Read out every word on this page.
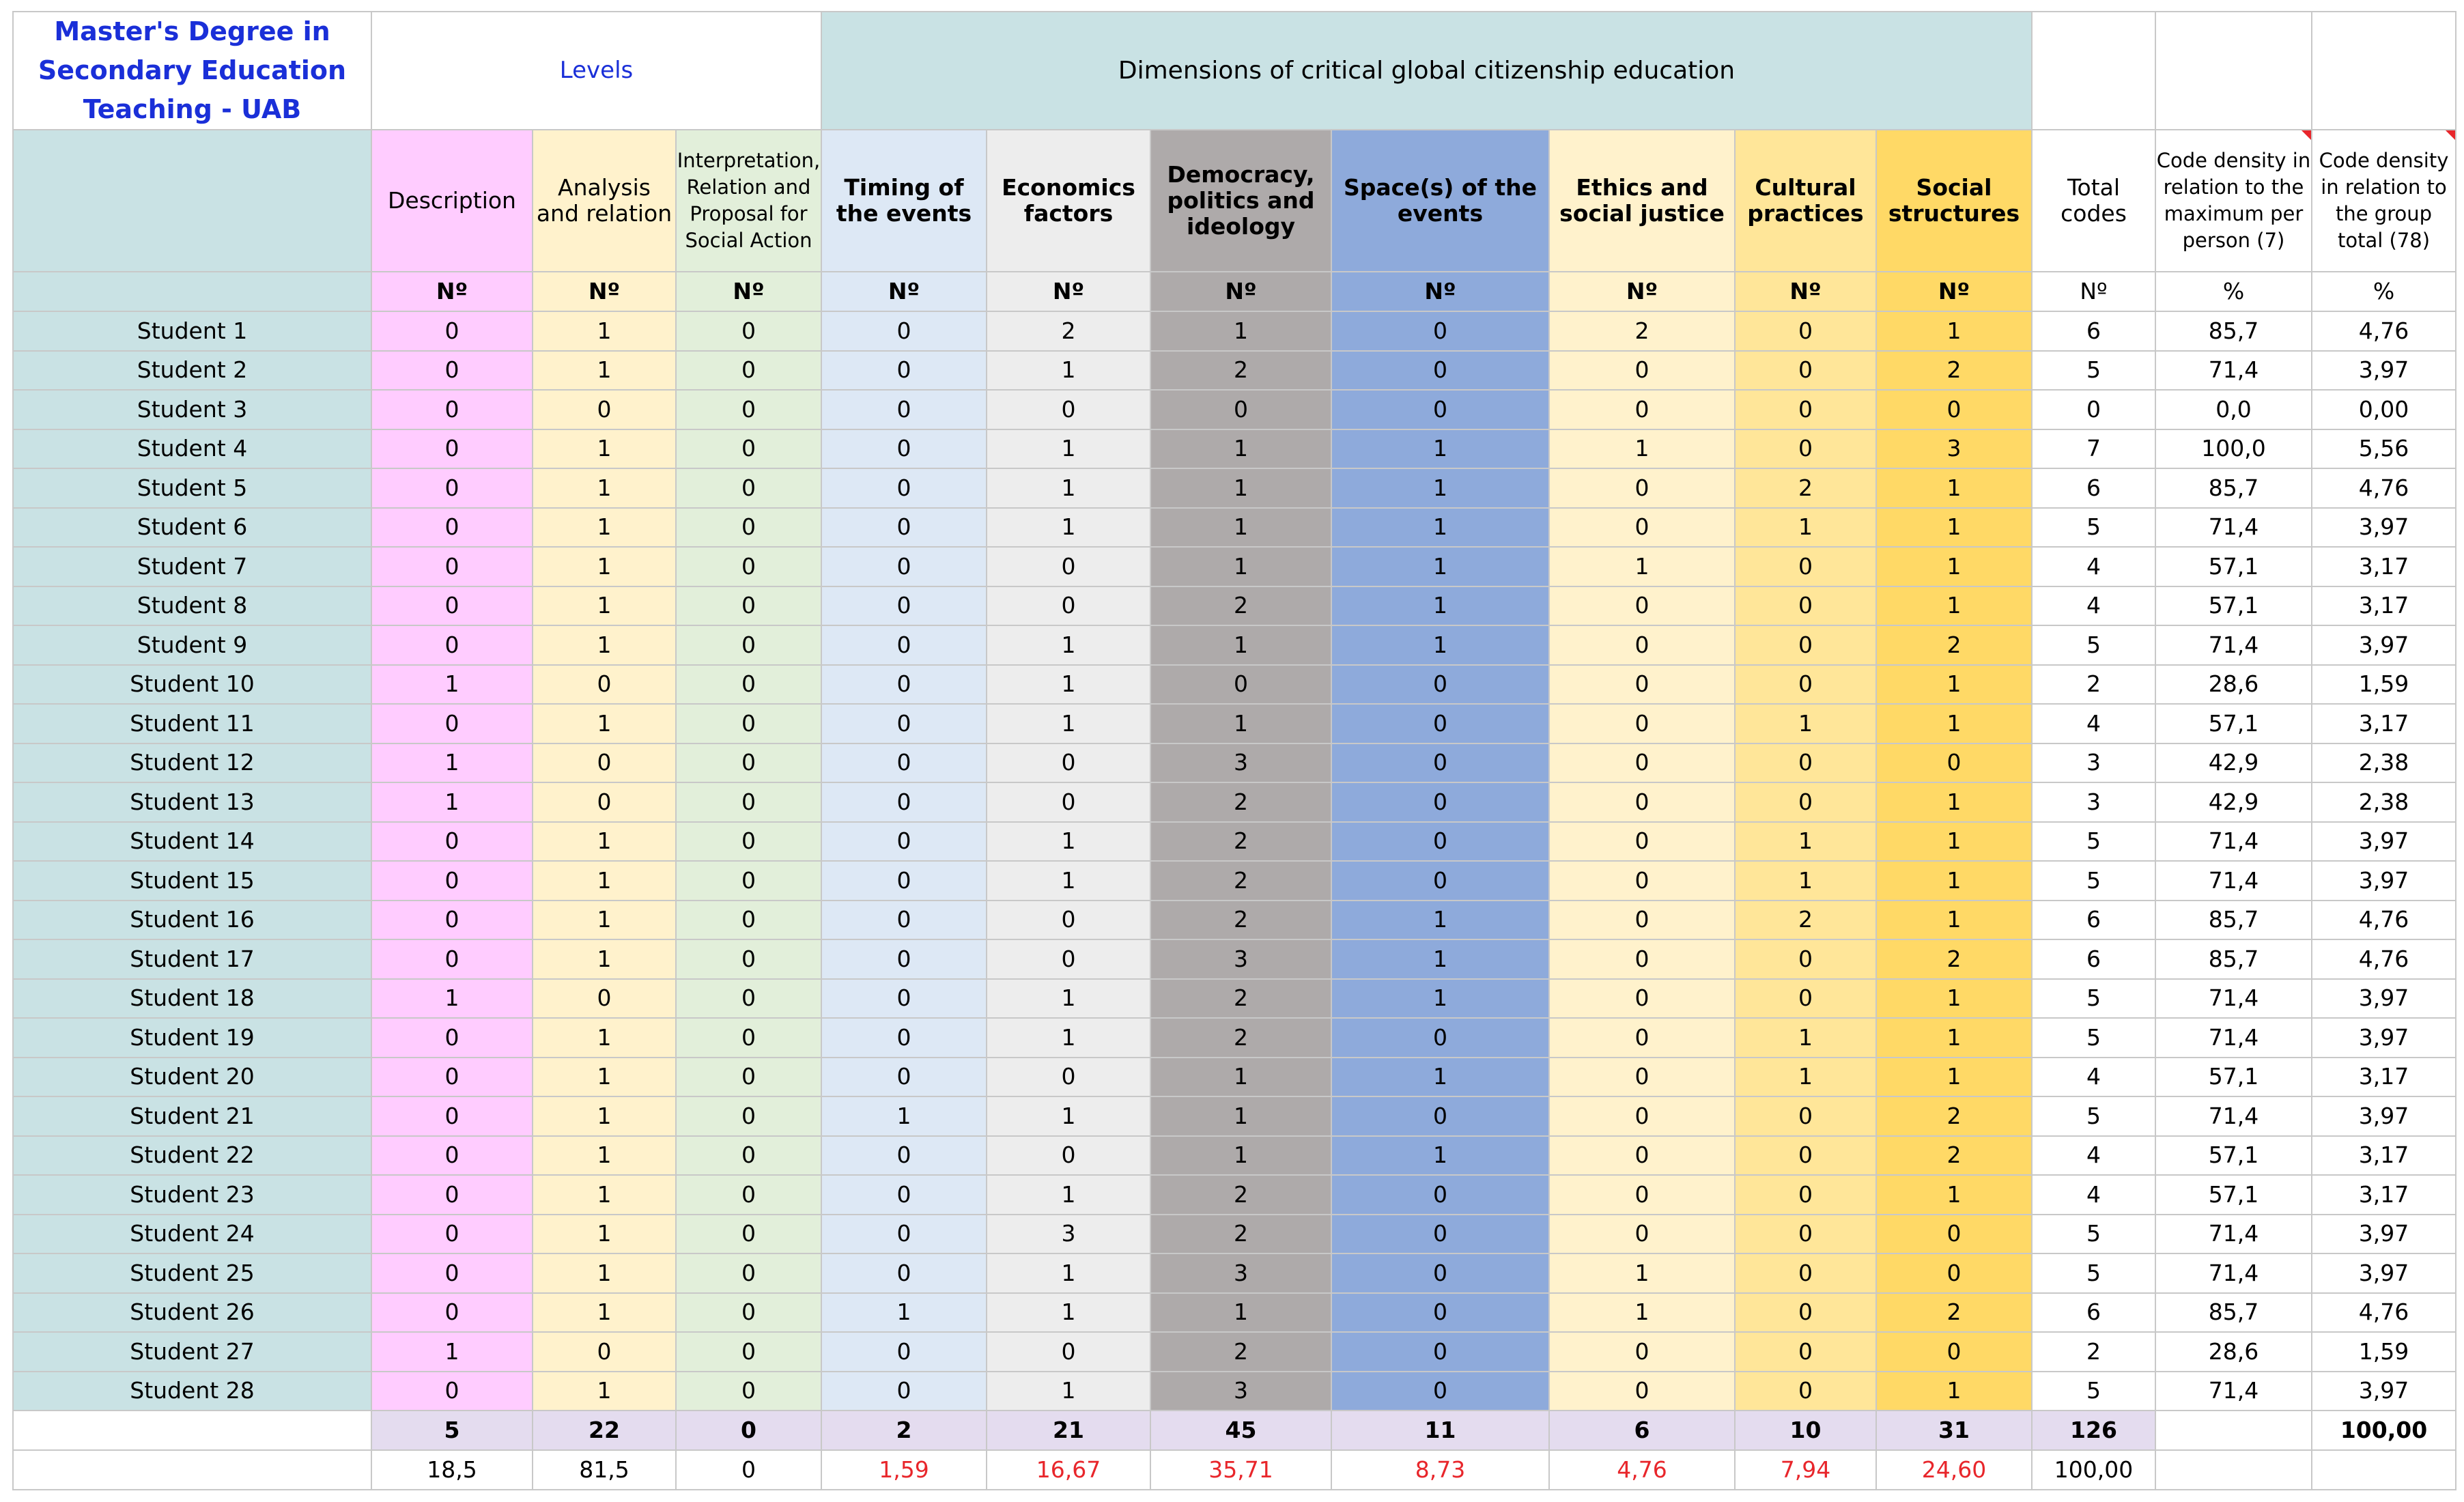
Master's Degree in Secondary Education Teaching - UAB	Levels			Dimensions of critical global citizenship education									
	Description	Analysis and relation	Interpretation, Relation and Proposal for Social Action	Timing of the events	Economics factors	Democracy, politics and ideology	Space(s) of the events	Ethics and social justice	Cultural practices	Social structures	Total codes	Code density in relation to the maximum per person (7)	Code density in relation to the group total (78)
	Nº	Nº	Nº	Nº	Nº	Nº	Nº	Nº	Nº	Nº	Nº	%	%
Student 1	0	1	0	0	2	1	0	2	0	1	6	85,7	4,76
Student 2	0	1	0	0	1	2	0	0	0	2	5	71,4	3,97
Student 3	0	0	0	0	0	0	0	0	0	0	0	0,0	0,00
Student 4	0	1	0	0	1	1	1	1	0	3	7	100,0	5,56
Student 5	0	1	0	0	1	1	1	0	2	1	6	85,7	4,76
Student 6	0	1	0	0	1	1	1	0	1	1	5	71,4	3,97
Student 7	0	1	0	0	0	1	1	1	0	1	4	57,1	3,17
Student 8	0	1	0	0	0	2	1	0	0	1	4	57,1	3,17
Student 9	0	1	0	0	1	1	1	0	0	2	5	71,4	3,97
Student 10	1	0	0	0	1	0	0	0	0	1	2	28,6	1,59
Student 11	0	1	0	0	1	1	0	0	1	1	4	57,1	3,17
Student 12	1	0	0	0	0	3	0	0	0	0	3	42,9	2,38
Student 13	1	0	0	0	0	2	0	0	0	1	3	42,9	2,38
Student 14	0	1	0	0	1	2	0	0	1	1	5	71,4	3,97
Student 15	0	1	0	0	1	2	0	0	1	1	5	71,4	3,97
Student 16	0	1	0	0	0	2	1	0	2	1	6	85,7	4,76
Student 17	0	1	0	0	0	3	1	0	0	2	6	85,7	4,76
Student 18	1	0	0	0	1	2	1	0	0	1	5	71,4	3,97
Student 19	0	1	0	0	1	2	0	0	1	1	5	71,4	3,97
Student 20	0	1	0	0	0	1	1	0	1	1	4	57,1	3,17
Student 21	0	1	0	1	1	1	0	0	0	2	5	71,4	3,97
Student 22	0	1	0	0	0	1	1	0	0	2	4	57,1	3,17
Student 23	0	1	0	0	1	2	0	0	0	1	4	57,1	3,17
Student 24	0	1	0	0	3	2	0	0	0	0	5	71,4	3,97
Student 25	0	1	0	0	1	3	0	1	0	0	5	71,4	3,97
Student 26	0	1	0	1	1	1	0	1	0	2	6	85,7	4,76
Student 27	1	0	0	0	0	2	0	0	0	0	2	28,6	1,59
Student 28	0	1	0	0	1	3	0	0	0	1	5	71,4	3,97
	5	22	0	2	21	45	11	6	10	31	126		100,00
	18,5	81,5	0	1,59	16,67	35,71	8,73	4,76	7,94	24,60	100,00		
